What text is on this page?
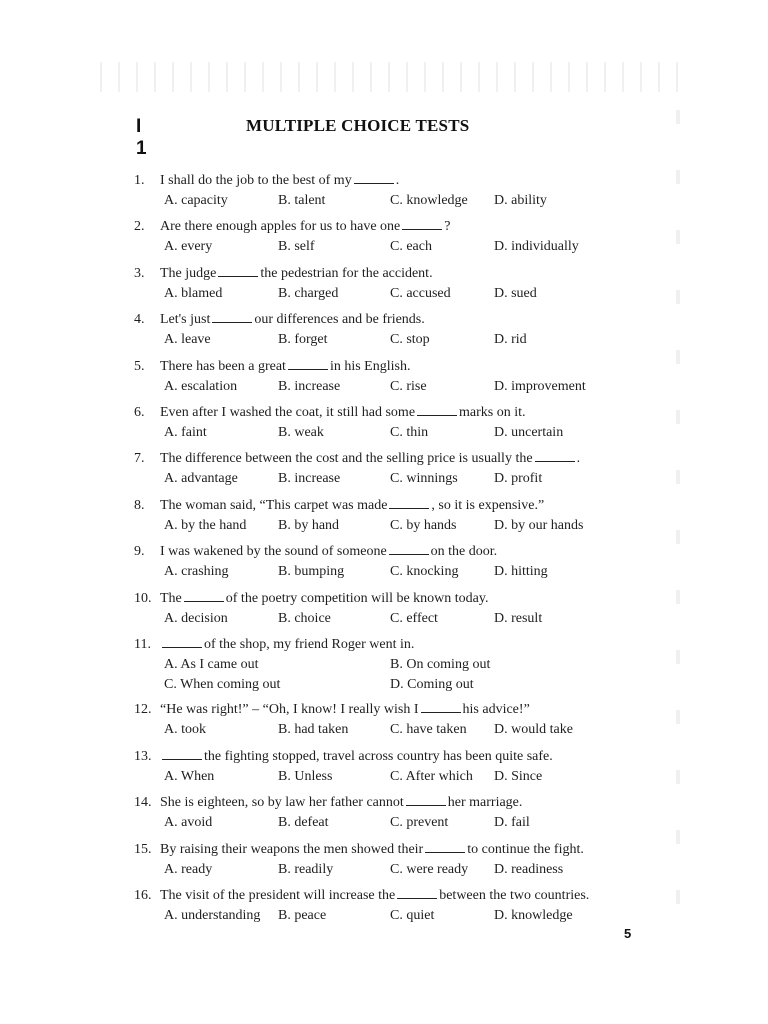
I
1
MULTIPLE CHOICE TESTS
1. I shall do the job to the best of my	.
A. capacity	B. talent	C. knowledge D. ability
2. Are there enough apples for us to have one	?
A. every	B. self	C. each	D. individually
3. The judge	the pedestrian for the accident.
A. blamed	B. charged	C. accused	D. sued
4. Let's just	our differences and be friends.
A. leave	B. forget	C. stop	D. rid
5. There has been a great	in his English.
A. escalation	B. increase	C. rise	D. improvement
6. Even after I washed the coat, it still had some	marks on it.
A. faint	B. weak	C. thin	D. uncertain
7. The difference between the cost and the selling price is usually the	.
A. advantage	B. increase	C. winnings	D. profit
8. The woman said, “This carpet was made	, so it is expensive.”
A. by the hand B. by hand	C. by hands	D. by our hands
9. I was wakened by the sound of someone	on the door.
A. crashing	B. bumping	C. knocking	D. hitting
10. The	of the poetry competition will be known today.
A. decision	B. choice	C. effect	D. result
11.	of the shop, my friend Roger went in.
A. As I came out	B. On coming out
C. When coming out	D. Coming out
12. “He was right!” – “Oh, I know! I really wish I	his advice!”
A. took	B. had taken	C. have taken D. would take
13.	the fighting stopped, travel across country has been quite safe.
A. When	B. Unless	C. After which D. Since
14. She is eighteen, so by law her father cannot	her marriage.
A. avoid	B. defeat	C. prevent	D. fail
15. By raising their weapons the men showed their	to continue the fight.
A. ready	B. readily	C. were ready D. readiness
16. The visit of the president will increase the	between the two countries.
A. understanding B. peace	C. quiet	D. knowledge
5
